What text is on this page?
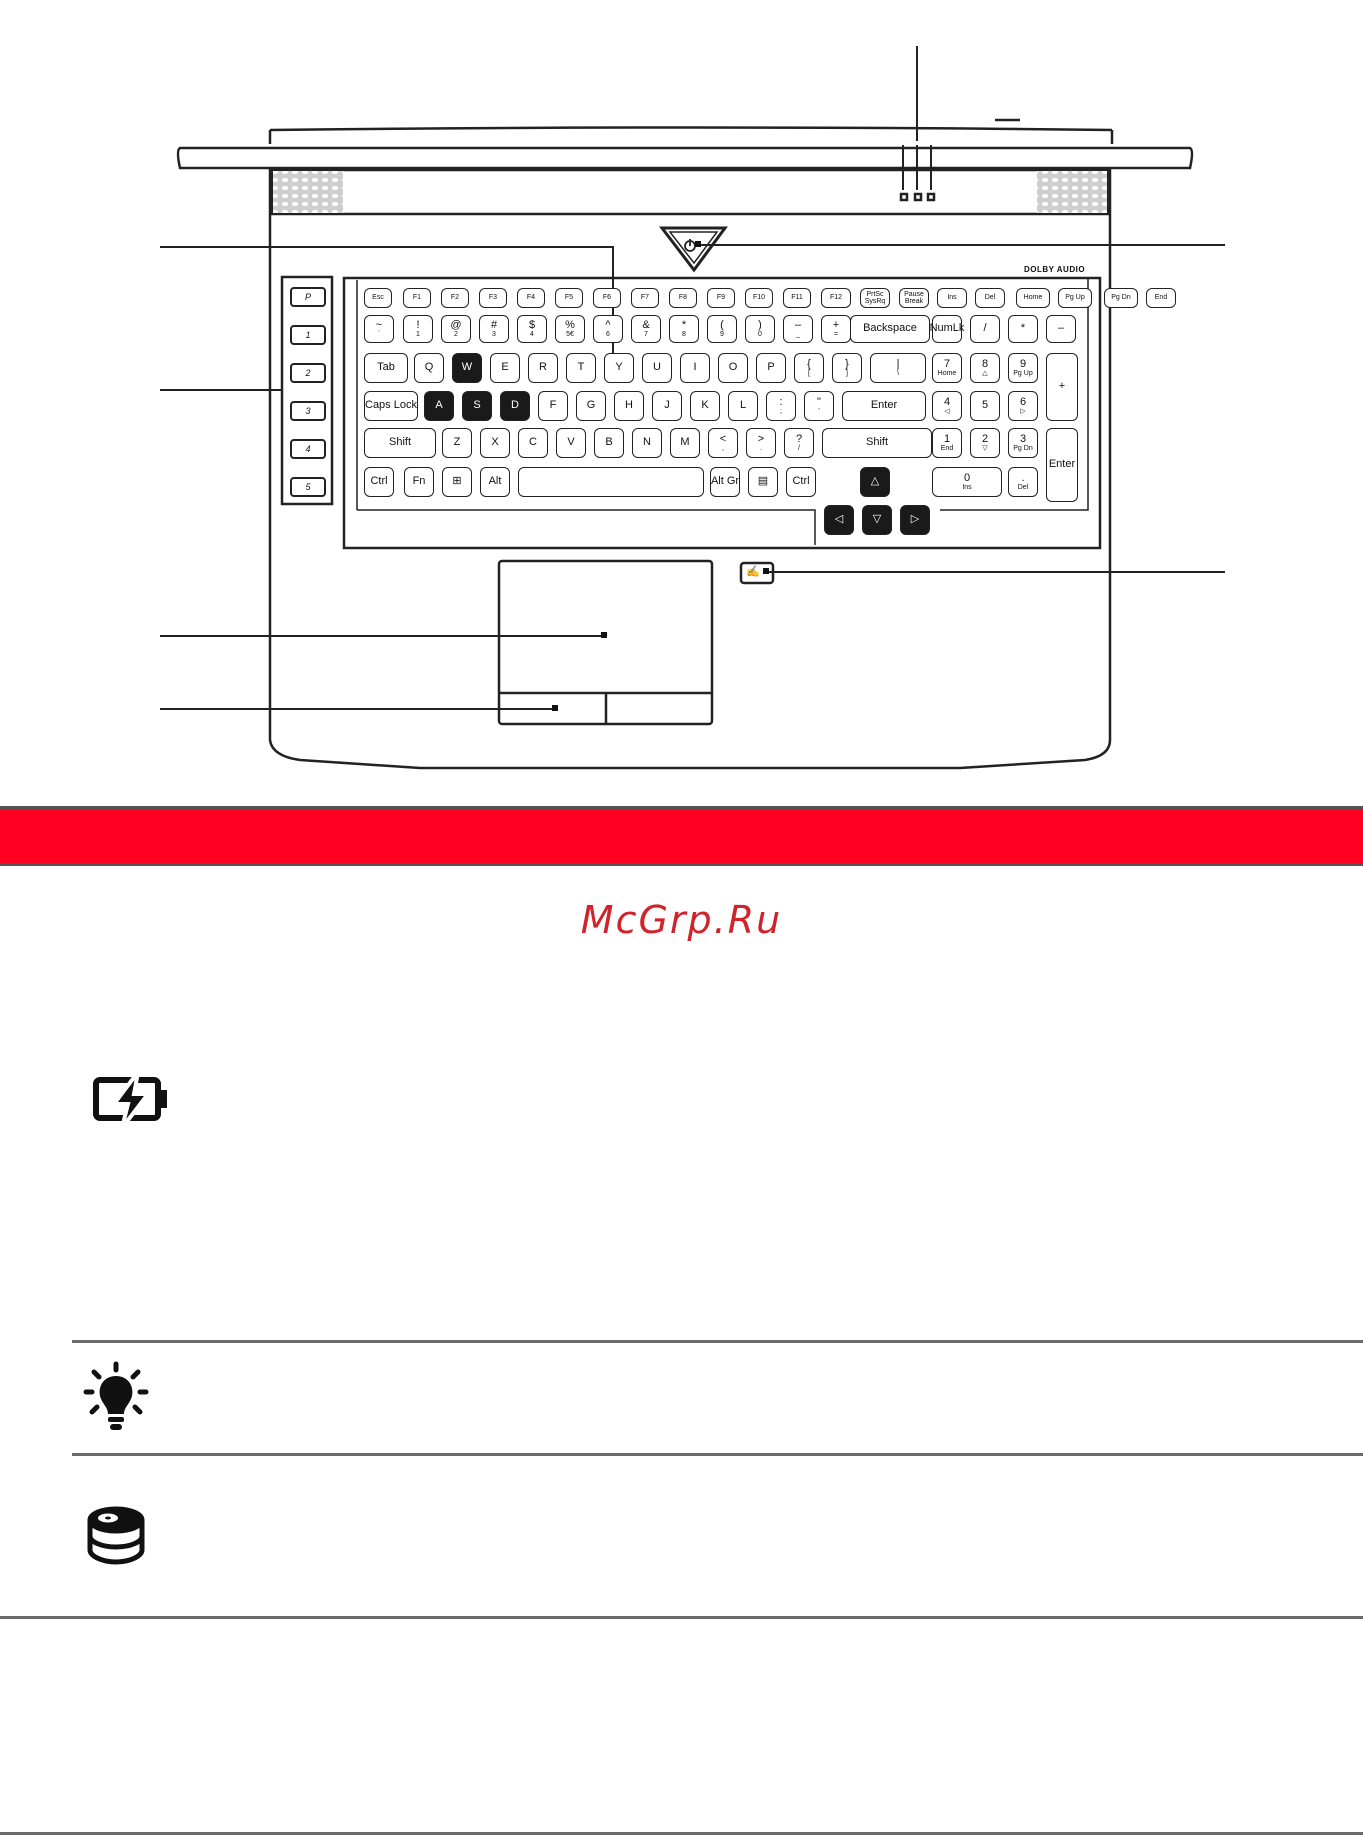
✍
DOLBY AUDIO
P
1
2
3
4
5
Esc	F1	F2	F3	F4	F5	F6	F7	F8	F9	F10	F11	F12
PrtSc
SysRq
Pause
Break
Ins	Del	Home	Pg Up	Pg Dn	End
~
`
!
1
@
2
#
3
$
4
%
5€
^
6
&
7
*
8
(
9
)
0
–
_
+
=
Backspace NumLk /	*	–
Tab	Q	W	E	R	T	Y	U	I	O	P	{
[
}
]
|
\
7
Home
8
△
9
Pg Up
+
Caps Lock A	S	D	F	G	H	J	K	L	:
;
"
'
Enter	4
◁
5	6
▷
Shift	Z	X	C	V	B	N	M	<
,
>
.
?
/
Shift	1
End
2
▽
3
Pg Dn
Enter
Ctrl Fn ⊞ Alt	Alt Gr ▤ Ctrl	△
◁	▽	▷
0
Ins
.
Del
McGrp.Ru
